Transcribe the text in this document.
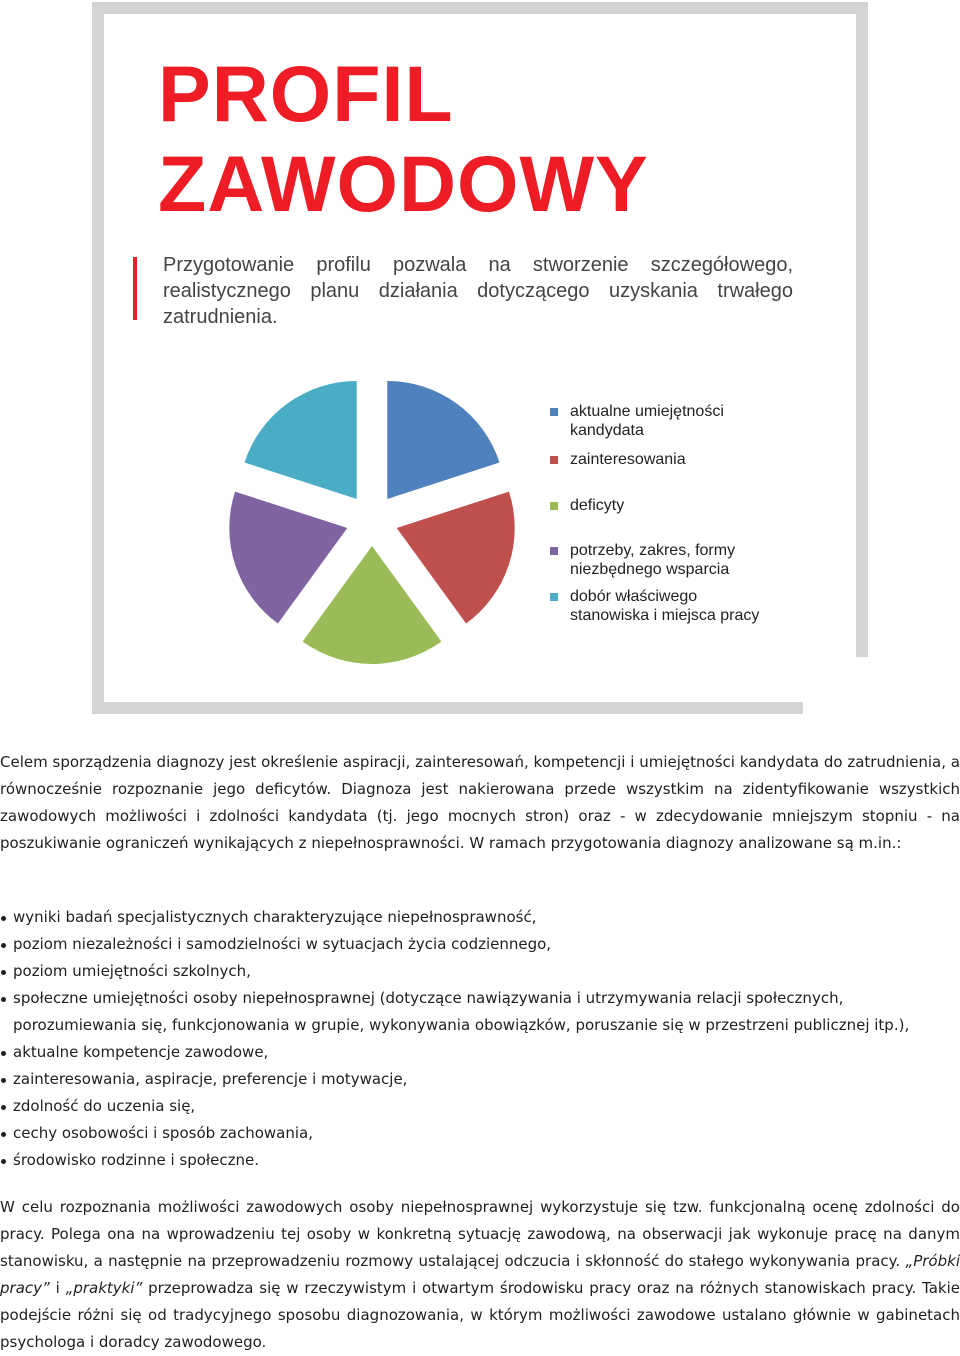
PROFIL
ZAWODOWY
Przygotowanie profilu pozwala na stworzenie szczegółowego, realistycznego planu działania dotyczącego uzyskania trwałego zatrudnienia.
aktualne umiejętności kandydata
zainteresowania
deficyty
potrzeby, zakres, formy niezbędnego wsparcia
dobór właściwego stanowiska i miejsca pracy

Celem sporządzenia diagnozy jest określenie aspiracji, zainteresowań, kompetencji i umiejętności kandydata do zatrudnienia, a równocześnie rozpoznanie jego deficytów. Diagnoza jest nakierowana przede wszystkim na zidentyfikowanie wszystkich zawodowych możliwości i zdolności kandydata (tj. jego mocnych stron) oraz - w zdecydowanie mniejszym stopniu - na poszukiwanie ograniczeń wynikających z niepełnosprawności. W ramach przygotowania diagnozy analizowane są m.in.:

wyniki badań specjalistycznych charakteryzujące niepełnosprawność,
poziom niezależności i samodzielności w sytuacjach życia codziennego,
poziom umiejętności szkolnych,
społeczne umiejętności osoby niepełnosprawnej (dotyczące nawiązywania i utrzymywania relacji społecznych, porozumiewania się, funkcjonowania w grupie, wykonywania obowiązków, poruszanie się w przestrzeni publicznej itp.),
aktualne kompetencje zawodowe,
zainteresowania, aspiracje, preferencje i motywacje,
zdolność do uczenia się,
cechy osobowości i sposób zachowania,
środowisko rodzinne i społeczne.

W celu rozpoznania możliwości zawodowych osoby niepełnosprawnej wykorzystuje się tzw. funkcjonalną ocenę zdolności do pracy. Polega ona na wprowadzeniu tej osoby w konkretną sytuację zawodową, na obserwacji jak wykonuje pracę na danym stanowisku, a następnie na przeprowadzeniu rozmowy ustalającej odczucia i skłonność do stałego wykonywania pracy. „Próbki pracy” i „praktyki” przeprowadza się w rzeczywistym i otwartym środowisku pracy oraz na różnych stanowiskach pracy. Takie podejście różni się od tradycyjnego sposobu diagnozowania, w którym możliwości zawodowe ustalano głównie w gabinetach psychologa i doradcy zawodowego.
